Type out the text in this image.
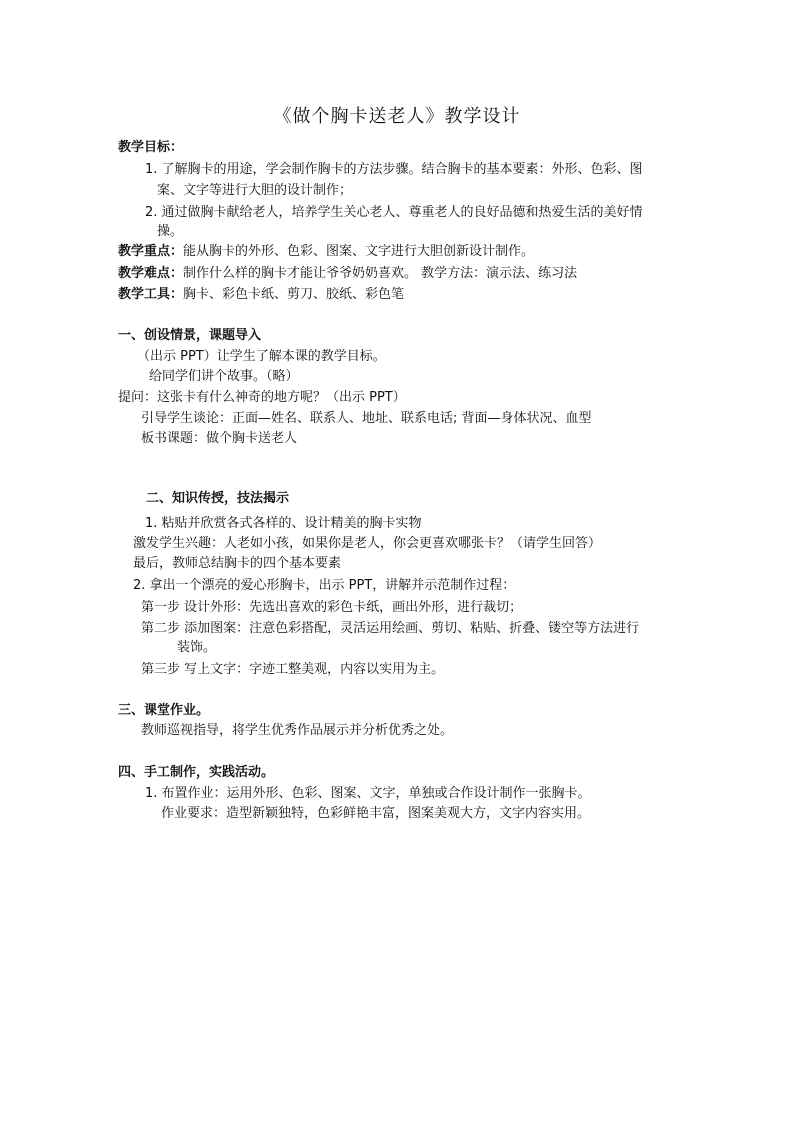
《做个胸卡送老人》教学设计
教学目标：
1. 了解胸卡的用途，学会制作胸卡的方法步骤。结合胸卡的基本要素：外形、色彩、图
案、文字等进行大胆的设计制作；
2. 通过做胸卡献给老人，培养学生关心老人、尊重老人的良好品德和热爱生活的美好情
操。
教学重点：能从胸卡的外形、色彩、图案、文字进行大胆创新设计制作。
教学难点：制作什么样的胸卡才能让爷爷奶奶喜欢。 教学方法：演示法、练习法
教学工具：胸卡、彩色卡纸、剪刀、胶纸、彩色笔
一、创设情景，课题导入
（出示 PPT）让学生了解本课的教学目标。
给同学们讲个故事。（略）
提问：这张卡有什么神奇的地方呢？（出示 PPT）
引导学生谈论：正面—姓名、联系人、地址、联系电话; 背面—身体状况、血型
板书课题：做个胸卡送老人
二、知识传授，技法揭示
1. 粘贴并欣赏各式各样的、设计精美的胸卡实物
激发学生兴趣：人老如小孩，如果你是老人，你会更喜欢哪张卡？（请学生回答）
最后，教师总结胸卡的四个基本要素
2. 拿出一个漂亮的爱心形胸卡，出示 PPT，讲解并示范制作过程：
第一步 设计外形：先选出喜欢的彩色卡纸，画出外形，进行裁切；
第二步 添加图案：注意色彩搭配，灵活运用绘画、剪切、粘贴、折叠、镂空等方法进行
装饰。
第三步 写上文字：字迹工整美观，内容以实用为主。
三、课堂作业。
教师巡视指导，将学生优秀作品展示并分析优秀之处。
四、手工制作，实践活动。
1. 布置作业：运用外形、色彩、图案、文字，单独或合作设计制作一张胸卡。
作业要求：造型新颖独特，色彩鲜艳丰富，图案美观大方，文字内容实用。
